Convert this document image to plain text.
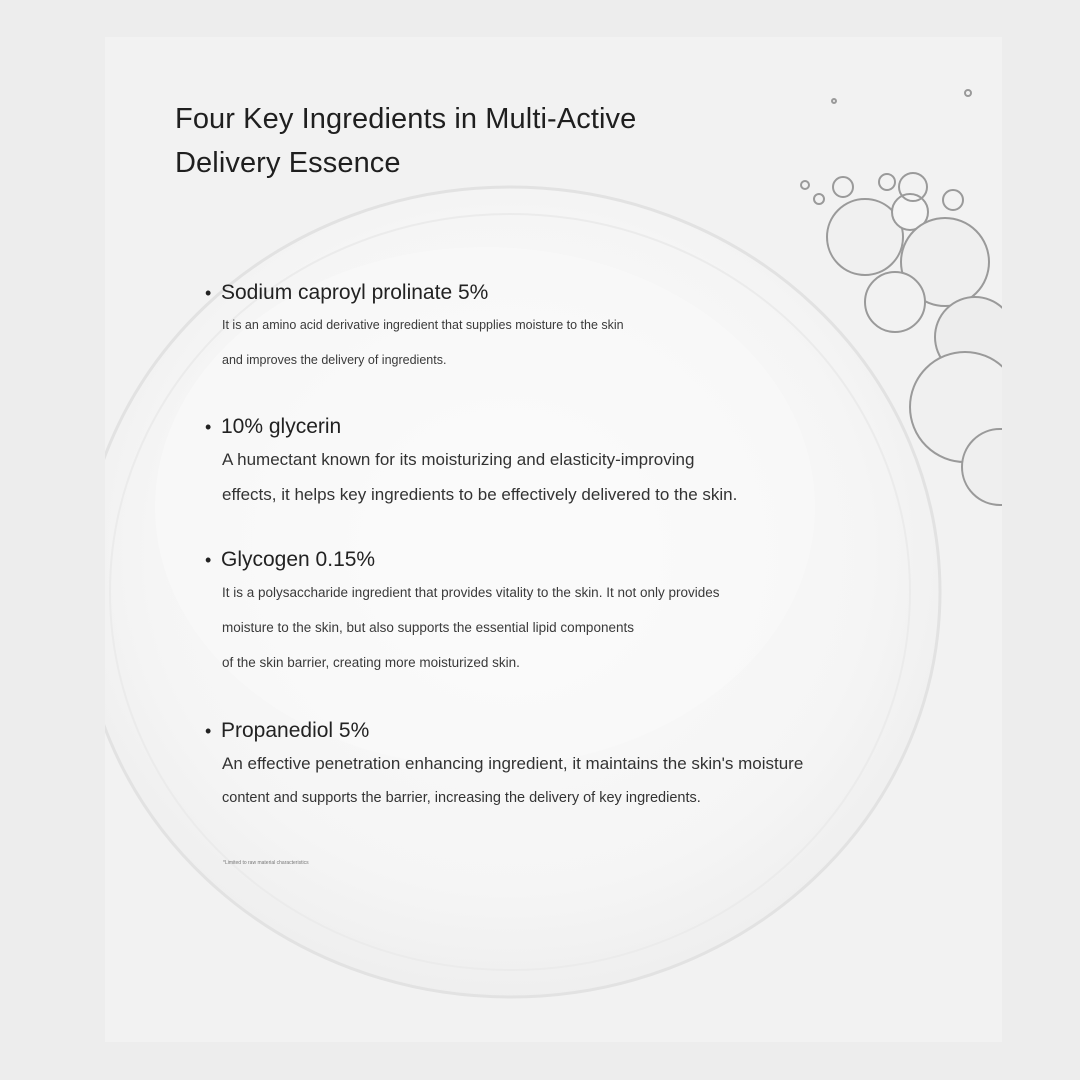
Four Key Ingredients in Multi-Active
Delivery Essence
• Sodium caproyl prolinate 5%
It is an amino acid derivative ingredient that supplies moisture to the skin
and improves the delivery of ingredients.
• 10% glycerin
A humectant known for its moisturizing and elasticity-improving
effects, it helps key ingredients to be effectively delivered to the skin.
• Glycogen 0.15%
It is a polysaccharide ingredient that provides vitality to the skin. It not only provides
moisture to the skin, but also supports the essential lipid components
of the skin barrier, creating more moisturized skin.
• Propanediol 5%
An effective penetration enhancing ingredient, it maintains the skin's moisture
content and supports the barrier, increasing the delivery of key ingredients.
*Limited to raw material characteristics
